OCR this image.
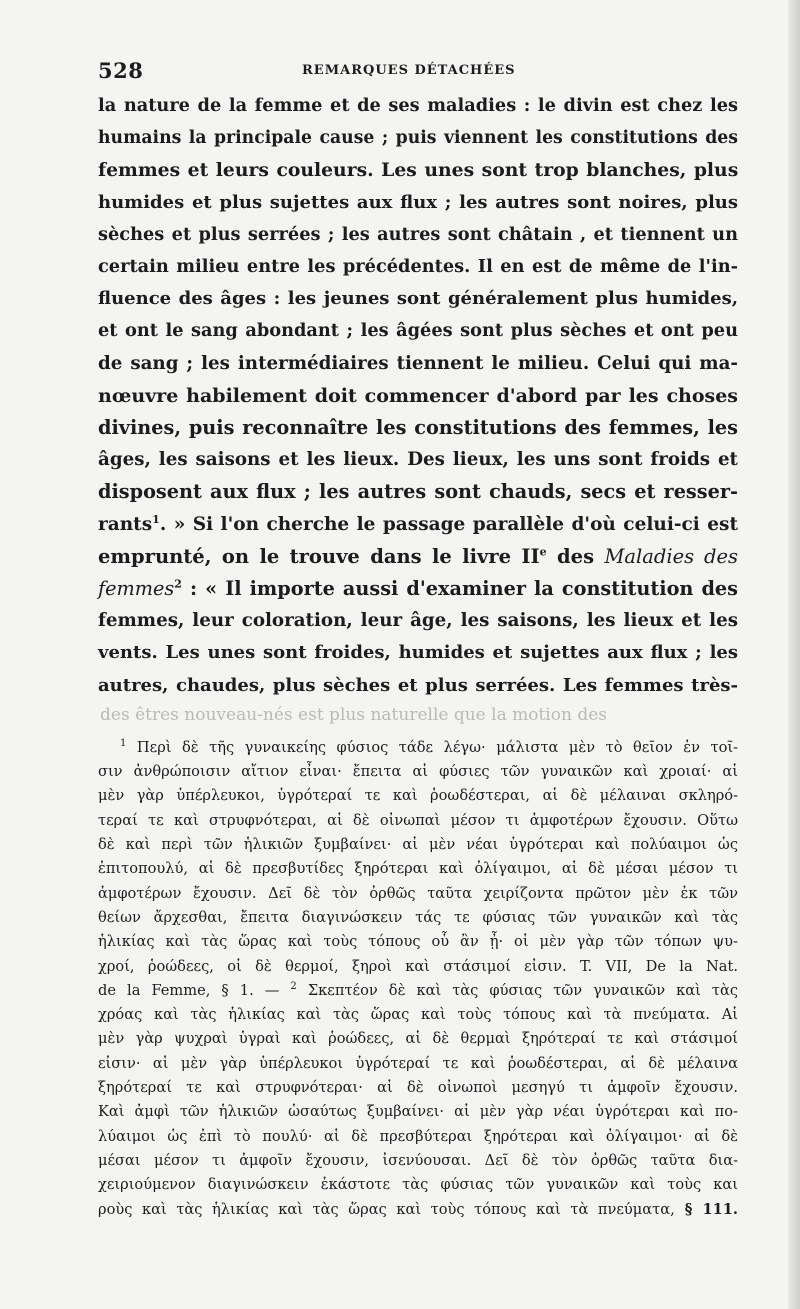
528	REMARQUES DÉTACHÉES
la nature de la femme et de ses maladies : le divin est chez les
humains la principale cause ; puis viennent les constitutions des
femmes et leurs couleurs. Les unes sont trop blanches, plus
humides et plus sujettes aux flux ; les autres sont noires, plus
sèches et plus serrées ; les autres sont châtain , et tiennent un
certain milieu entre les précédentes. Il en est de même de l'in-
fluence des âges : les jeunes sont généralement plus humides,
et ont le sang abondant ; les âgées sont plus sèches et ont peu
de sang ; les intermédiaires tiennent le milieu. Celui qui ma-
nœuvre habilement doit commencer d'abord par les choses
divines, puis reconnaître les constitutions des femmes, les
âges, les saisons et les lieux. Des lieux, les uns sont froids et
disposent aux flux ; les autres sont chauds, secs et resser-
rants$^1$. » Si l'on cherche le passage parallèle d'où celui-ci est
emprunté, on le trouve dans le livre IIe des Maladies des
femmes$^2$ : « Il importe aussi d'examiner la constitution des
femmes, leur coloration, leur âge, les saisons, les lieux et les
vents. Les unes sont froides, humides et sujettes aux flux ; les
autres, chaudes, plus sèches et plus serrées. Les femmes très-
des êtres nouveau-nés est plus naturelle que la motion des
$^1$ Περὶ δὲ τῆς γυναικείης φύσιος τάδε λέγω· μάλιστα μὲν τὸ θεῖον ἐν τοῖ-
σιν ἀνθρώποισιν αἴτιον εἶναι· ἔπειτα αἱ φύσιες τῶν γυναικῶν καὶ χροιαί· αἱ
μὲν γὰρ ὑπέρλευκοι, ὑγρότεραί τε καὶ ῥοωδέστεραι, αἱ δὲ μέλαιναι σκληρό-
τεραί τε καὶ στρυφνότεραι, αἱ δὲ οἰνωπαὶ μέσον τι ἀμφοτέρων ἔχουσιν. Οὕτω
δὲ καὶ περὶ τῶν ἡλικιῶν ξυμβαίνει· αἱ μὲν νέαι ὑγρότεραι καὶ πολύαιμοι ὡς
ἐπιτοπουλύ, αἱ δὲ πρεσβυτίδες ξηρότεραι καὶ ὀλίγαιμοι, αἱ δὲ μέσαι μέσον τι
ἀμφοτέρων ἔχουσιν. Δεῖ δὲ τὸν ὀρθῶς ταῦτα χειρίζοντα πρῶτον μὲν ἐκ τῶν
θείων ἄρχεσθαι, ἔπειτα διαγινώσκειν τάς τε φύσιας τῶν γυναικῶν καὶ τὰς
ἡλικίας καὶ τὰς ὥρας καὶ τοὺς τόπους οὗ ἂν ᾖ· οἱ μὲν γὰρ τῶν τόπων ψυ-
χροί, ῥοώδεες, οἱ δὲ θερμοί, ξηροὶ καὶ στάσιμοί εἰσιν. T. VII, De la Nat.
de la Femme, § 1. — $^2$ Σκεπτέον δὲ καὶ τὰς φύσιας τῶν γυναικῶν καὶ τὰς
χρόας καὶ τὰς ἡλικίας καὶ τὰς ὥρας καὶ τοὺς τόπους καὶ τὰ πνεύματα. Αἱ
μὲν γὰρ ψυχραὶ ὑγραὶ καὶ ῥοώδεες, αἱ δὲ θερμαὶ ξηρότεραί τε καὶ στάσιμοί
εἰσιν· αἱ μὲν γὰρ ὑπέρλευκοι ὑγρότεραί τε καὶ ῥοωδέστεραι, αἱ δὲ μέλαινα
ξηρότεραί τε καὶ στρυφνότεραι· αἱ δὲ οἰνωποὶ μεσηγύ τι ἀμφοῖν ἔχουσιν.
Καὶ ἀμφὶ τῶν ἡλικιῶν ὡσαύτως ξυμβαίνει· αἱ μὲν γὰρ νέαι ὑγρότεραι καὶ πο-
λύαιμοι ὡς ἐπὶ τὸ πουλύ· αἱ δὲ πρεσβύτεραι ξηρότεραι καὶ ὀλίγαιμοι· αἱ δὲ
μέσαι μέσον τι ἀμφοῖν ἔχουσιν, ἰσενύουσαι. Δεῖ δὲ τὸν ὀρθῶς ταῦτα δια-
χειριούμενον διαγινώσκειν ἑκάστοτε τὰς φύσιας τῶν γυναικῶν καὶ τοὺς και
ροὺς καὶ τὰς ἡλικίας καὶ τὰς ὥρας καὶ τοὺς τόπους καὶ τὰ πνεύματα, § 111.
